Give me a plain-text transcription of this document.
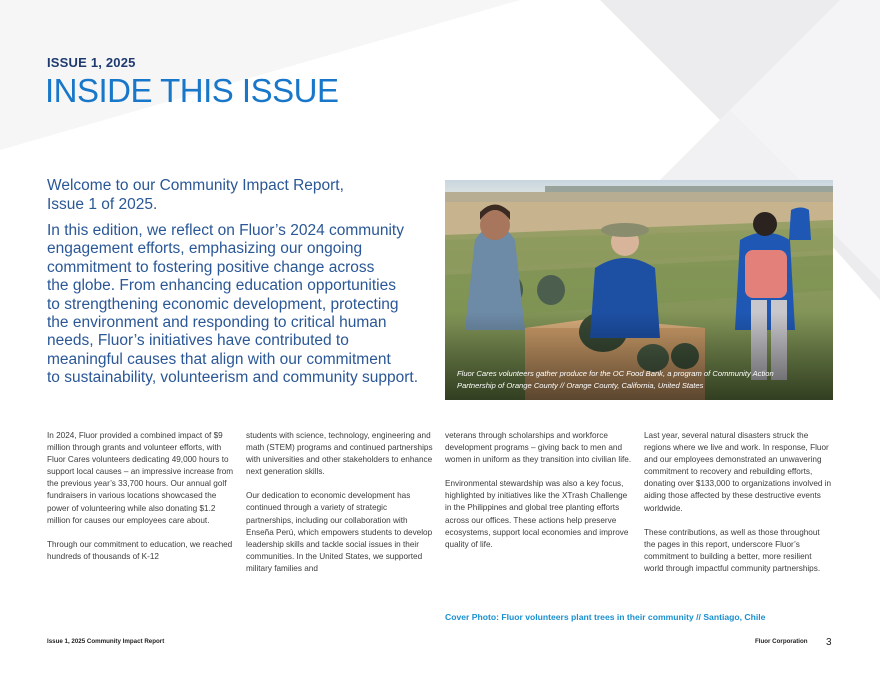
ISSUE 1, 2025
INSIDE THIS ISSUE
Welcome to our Community Impact Report,
Issue 1 of 2025.
In this edition, we reflect on Fluor’s 2024 community
engagement efforts, emphasizing our ongoing
commitment to fostering positive change across
the globe. From enhancing education opportunities
to strengthening economic development, protecting
the environment and responding to critical human
needs, Fluor’s initiatives have contributed to
meaningful causes that align with our commitment
to sustainability, volunteerism and community support.	Fluor Cares volunteers gather produce for the OC Food Bank, a program of Community Action
Partnership of Orange County // Orange County, California, United States

In 2024, Fluor provided a combined impact of $9 million through grants and volunteer efforts, with Fluor Cares volunteers dedicating 49,000 hours to support local causes – an impressive increase from the previous year’s 33,700 hours. Our annual golf fundraisers in various locations showcased the power of volunteering while also donating $1.2 million for causes our employees care about.

Through our commitment to education, we reached hundreds of thousands of K-12

students with science, technology, engineering and math (STEM) programs and continued partnerships with universities and other stakeholders to enhance next generation skills.

Our dedication to economic development has continued through a variety of strategic partnerships, including our collaboration with Enseña Perú, which empowers students to develop leadership skills and tackle social issues in their communities. In the United States, we supported military families and

veterans through scholarships and workforce development programs – giving back to men and women in uniform as they transition into civilian life.

Environmental stewardship was also a key focus, highlighted by initiatives like the XTrash Challenge in the Philippines and global tree planting efforts across our offices. These actions help preserve ecosystems, support local economies and improve quality of life.

Last year, several natural disasters struck the regions where we live and work. In response, Fluor and our employees demonstrated an unwavering commitment to recovery and rebuilding efforts, donating over $133,000 to organizations involved in aiding those affected by these destructive events worldwide.

These contributions, as well as those throughout the pages in this report, underscore Fluor’s commitment to building a better, more resilient world through impactful community partnerships.

Cover Photo: Fluor volunteers plant trees in their community // Santiago, Chile
Issue 1, 2025 Community Impact Report	Fluor Corporation 3
